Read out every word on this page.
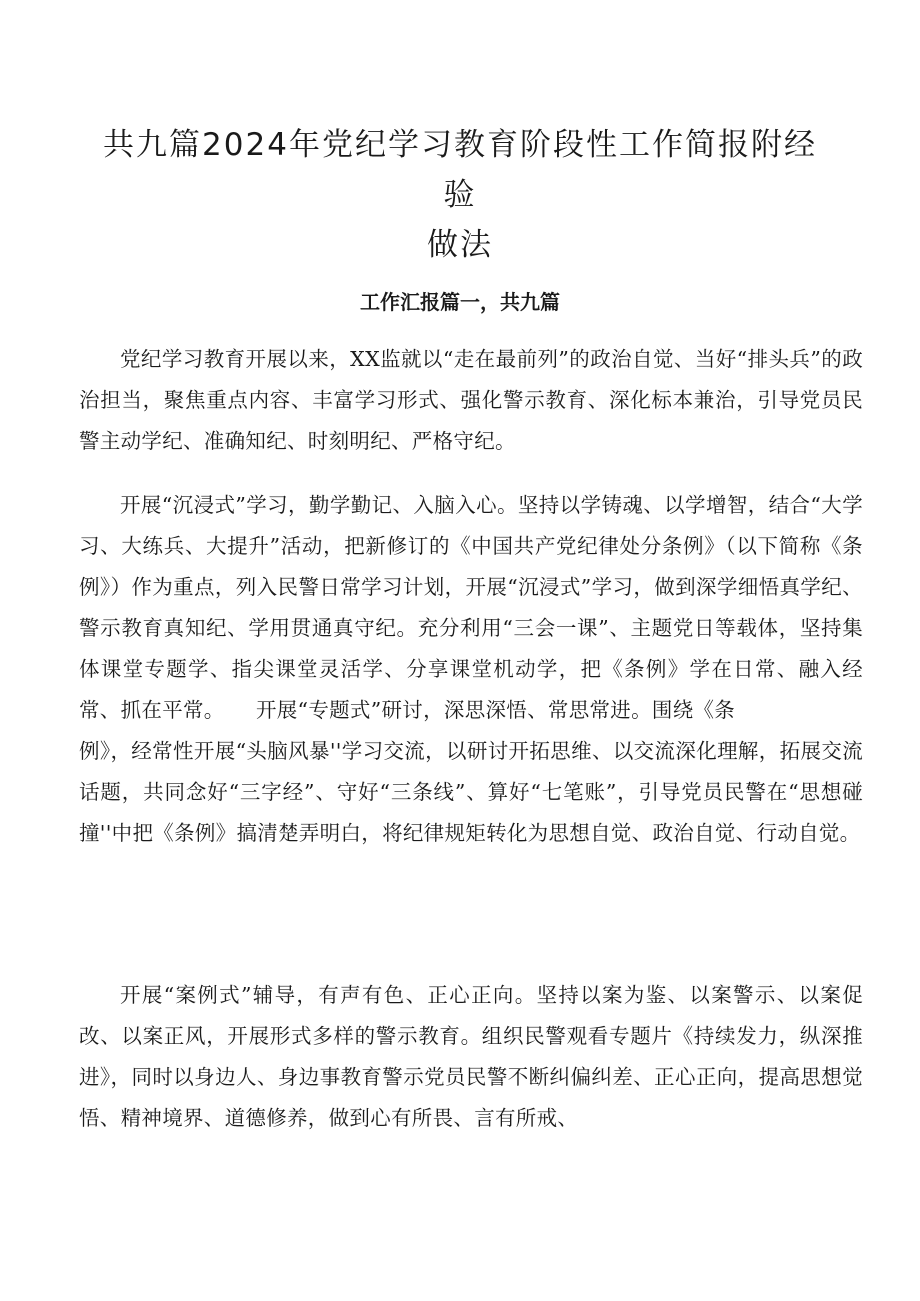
共九篇2024年党纪学习教育阶段性工作简报附经验
做法
工作汇报篇一，共九篇

党纪学习教育开展以来，XX监就以“走在最前列”的政治自觉、当好“排头兵”的政治担当，聚焦重点内容、丰富学习形式、强化警示教育、深化标本兼治，引导党员民警主动学纪、准确知纪、时刻明纪、严格守纪。

开展“沉浸式”学习，勤学勤记、入脑入心。坚持以学铸魂、以学增智，结合“大学习、大练兵、大提升”活动，把新修订的《中国共产党纪律处分条例》（以下简称《条例》）作为重点，列入民警日常学习计划，开展“沉浸式”学习，做到深学细悟真学纪、警示教育真知纪、学用贯通真守纪。充分利用“三会一课”、主题党日等载体，坚持集体课堂专题学、指尖课堂灵活学、分享课堂机动学，把《条例》学在日常、融入经常、抓在平常。　　开展“专题式”研讨，深思深悟、常思常进。围绕《条
例》，经常性开展“头脑风暴''学习交流，以研讨开拓思维、以交流深化理解，拓展交流话题，共同念好“三字经”、守好“三条线”、算好“七笔账”，引导党员民警在“思想碰撞''中把《条例》搞清楚弄明白，将纪律规矩转化为思想自觉、政治自觉、行动自觉。

开展“案例式”辅导，有声有色、正心正向。坚持以案为鉴、以案警示、以案促改、以案正风，开展形式多样的警示教育。组织民警观看专题片《持续发力，纵深推进》，同时以身边人、身边事教育警示党员民警不断纠偏纠差、正心正向，提高思想觉悟、精神境界、道德修养，做到心有所畏、言有所戒、
